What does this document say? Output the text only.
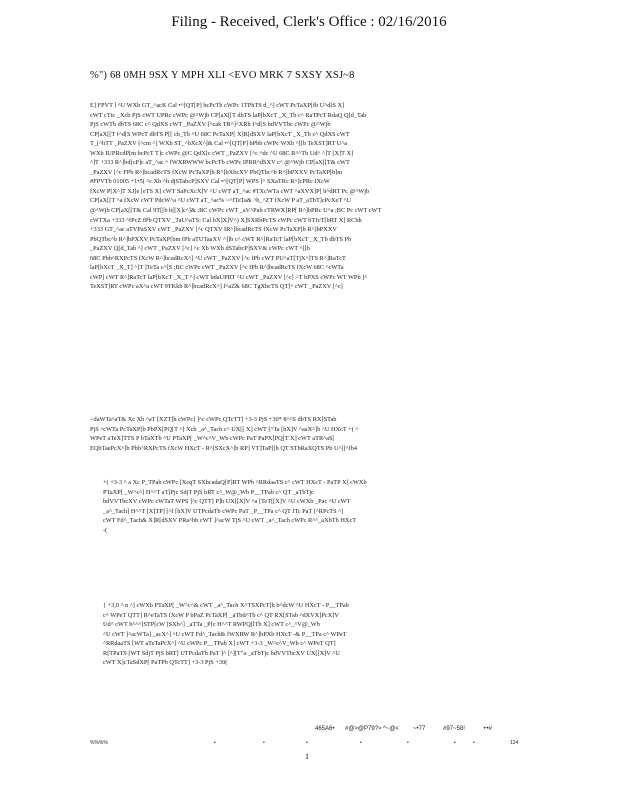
Filing - Received, Clerk's Office : 02/16/2016
%") 68 0MH 9SX Y MPH XLI <EVO MRK 7 SXSY XSJ~8
E] FPVT l ^U WXb GT_^acK Cal •^[QT[P] bcPcTb cWPc 1TPhTS d_^] cWT PcTaXP[fb U^d[S X]
cWT cTtc _Xcb PjS cWT UPRc cWPc @^Wjb CP[aX[[T dhTS laP[bXcT _X_Tb c^ RaTPcT RdaQ Q[d_Tab
PjS cWTb dbTS 68C c^ QdXS cWT _PaZXV [^cak TR^]^XRb f^d[S bdVVTbc cWPc @^Wjb
CP[aX[[T f^d[S WPcT dbTS P[[ cb_Tb ^U 68C PcTaXP[ X]R[dSXV laP[bXcT _X_Tb c^ QdXS cWT
T_[^hTT _PaZXV [^cm ^] WXb ST_^bXcX^]& Cal •^[QT[P] bPbb cWPc WXb ^[[b TeXST]RT U^a
WXb IUPRcdP[m bcPcT T]c cWPc @C QdX[c cWT _PaZXV [^c ^dc ^U 68C R^^Tb Ud^ ^]T [X]T X]
^]T +333 R^]bd[cP]c aT_^ac ^ fWXRWWW bcPcTb cWPc IPRR^dSXV c^ @^Wjb CP[aX[[T& cWT
_PaZXV [^c FPb R^]bcadRcTS fXcW PcTaXP[b R^]bXbcXV PbQTbc^b R^]bPXXV PcTaXP[b]m
#FPVTb 01005 +1•5( ^c Xb ^h djSTabcP]SXV Cal •^[QT[P] WPS ]^ SXaTRc R^]cPRc fXcW
fXcW P[X^]T XJ]e [eTS X] cWT SaPcXcX]V ^U cWT aT_^ac #TXcWTa cWT ^aXVX]P[ b^dRT Pc @^Wjb
CP[aX[[T ^a fXcW cWT PdcW^a ^U cWT aT_^ac% >^fTeTa& ^b_^ZT fXcW P aT_aTbT]cPcXeT ^U
@^Wjb CP[aX[[T& Cal 9T[[b b[[X]c^]& ;BC cWPc cWT _aV^Pab cTRWX]RP[ R^]bPRc U^a ;BC Pc cWT cWT
cWTXa +333 ^fPcZ fPb QTXV _TaU^aTS: Cal bX]X]V^) X]SXRbPcTS cWPc cWT bTJcT[bRT X] RCbh
+333 GT_^ac aTVPaSXV cWT _PaZXV [^c QTXV IR^]bcadRcTS fXcW PcTaXP[b R^]bPXXV
PbQTbc^b R^]bPXXV PcTaXP[bm fPb aTUTaaXV ^]]b c^ cWT R^]RaTcT laP[bXcT _X_Tb dbTS Pb
_PaZXV Q[d_Tab ^] cWT _PaZXV [^c] ^c Xb WXb dSTabcP]SXV& cWPc cWT ^[[b
68C Pbb^RXPcTS fXcW R^]bcadRcX^] ^U cWT _PaZXV [^c fPb cWT PU^aT[TjX^]TS R^]RaTcT
laP[bXcT _X_T] ^]T ]TeTa c^[S ;BC cWPc cWT _PaZXV [^c fPb R^]bcadRcTS fXcW 68C ^cWTa
cWP] cWT R^]RaTcT laP[bXcT _X_T ^] cWT bdaUPRT ^U cWT _PaZXV [^c] >T bPXS cWPc WT WPb ]^
TeXST]RT cWPc aX^a cWT 9TKkb R^]bcadRcX^] f^aZ& 68C TgXbcTS QT]^ cWT _PaZXV [^c]
<daWTa^aT& Xc Xb ^aT [XZT]h cWPc] ]^c cWPc QTcTT] +3-3 PjS +30* 8^^S dbTS RX[STab
PjS ^cWTa PcTaXP[b PbPX[PQ[T ^] Xcb _a^_Tach c^ UX[[ X] cWT [^Ta [hX]V ^aaX^]b ^U HXcT +( ^
WPeT aTeX]TTS P bTaXTb ^U PTaXP[ _W^c^V_Wb cWPc PaT PaPX[PQ[T X] cWT aTR^aS[
EQbTaePcX^]b Pbb^RXPcTS fXcW HXcT - R^[SXcX^]b RP] VT]TaP[[h QT STbRaXQTS Pb U^[[^fb4
+( +3-3 ^ a Xc P_TPab cWPc [XcqT SXbcadaQ[P]RT WPb ^RRdaaTS c^ cWT HXcT - PaTP X] cWXb
PTaXP[ _W^c^] H^^T aT]Pjc SdjT PjS bRT c^_W@_Wb P__TPab c^ QT _aTbTjc
bdVVTbcXV cWPc cWTaT WPS ]^c QTT] P]h UX[[X]V ^a [TeT[[X]V ^U cWXb _Pac ^U cWT
_a^_Tach] H^^T [X]TP] [^f [hX]V UTPcdaTb cWPc PaT _P__TPa c^ QT fTc PaT [^RPcTS ^]
cWT Fd^_Tach& X]R[dSXV PRa^bb cWT ]^acW TjS ^U cWT _a^_Tach cWPc R^^_aXbTb HXcT
-(
{ +3,0 ^ n ^] cWXb PTaXP[ _W^c^& cWT _a^_Tach X^TSXPcT[h b^dcW ^U HXcT - P__TPab
c^ WPeT QTT] R^eTaTS fXcW P bPaZ PcTaXP[ _aTbd^Tb c^ QT RX[STab ^dXVX]PcX]V
Ud^ cWT b^^^]STP[cW [SXb^] _aTTa _P[c H^^T RWPQ[lTb X] cWT c^_^V@_Wb
^U cWT ]^acWTa] _acX^] ^U cWT Fd^_Tach& fWXRW R^]bPXb HXcT -& P__TPa c^ WPeT
^RRdaaTS [WT aTeTaPcX^] ^U cWPc P__TPab X] cWT +3-3 _W^c^V_Wb c^ WPeT QT]
R[TPaTS [WT SdjT PjS bRT] UTPcdaTb PaT ]^ [^][T"a _aTbTjc bdVVTbcXV UX[[X]V ^U
cWT X]cTaSdXP[ PaTPb QTcTT] +3-3 PjS +30(
465A6• #@>@P79?> ^~@< ~•77	#97~58!	+•#
%%%%	•	•	•	•	•	•	•	124
1
